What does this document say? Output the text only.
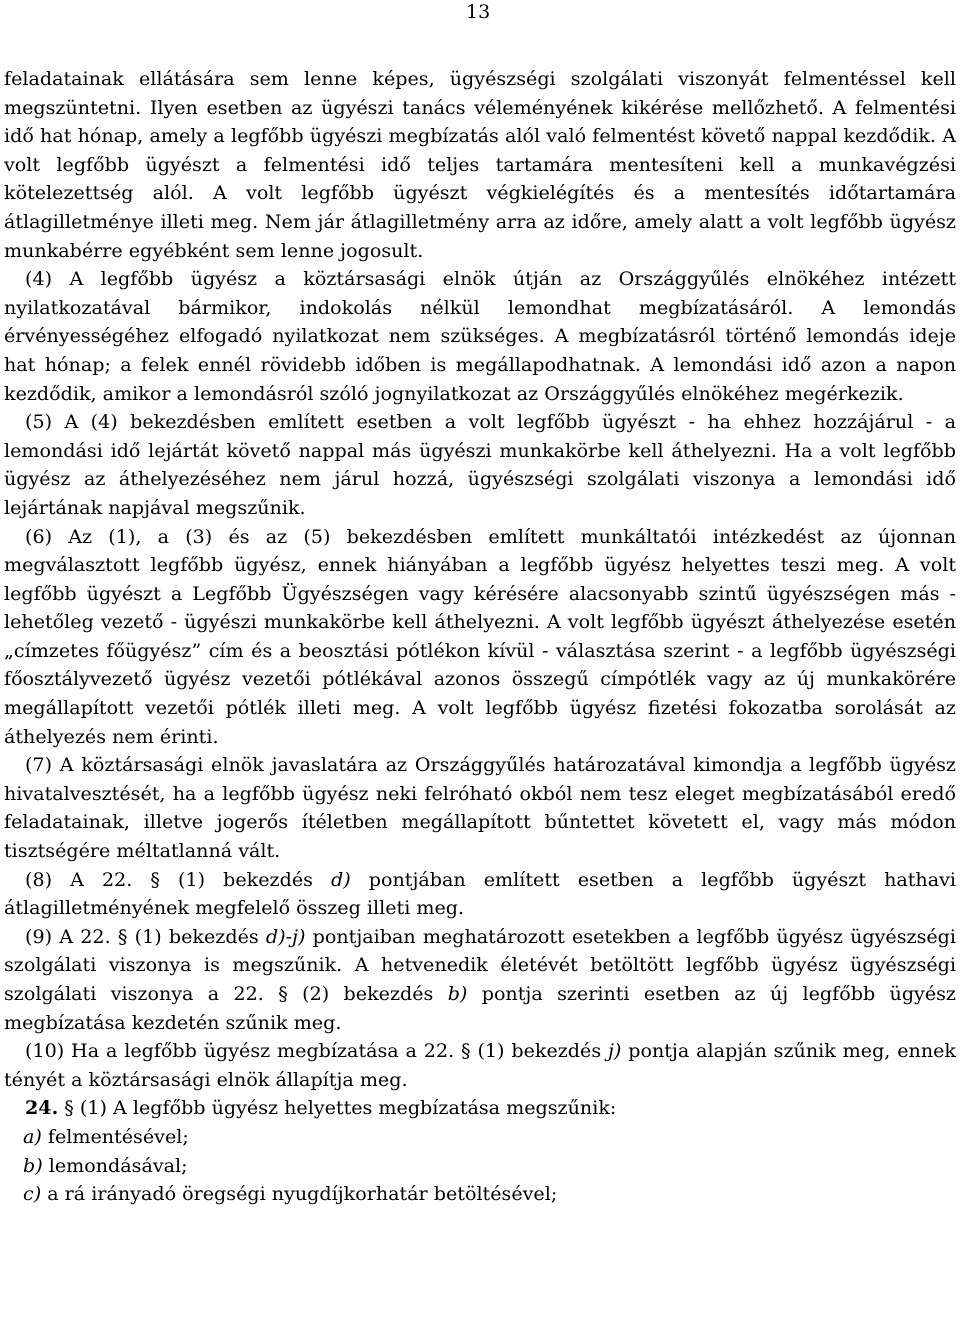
13

feladatainak ellátására sem lenne képes, ügyészségi szolgálati viszonyát felmentéssel kell megszüntetni. Ilyen esetben az ügyészi tanács véleményének kikérése mellőzhető. A felmentési idő hat hónap, amely a legfőbb ügyészi megbízatás alól való felmentést követő nappal kezdődik. A volt legfőbb ügyészt a felmentési idő teljes tartamára mentesíteni kell a munkavégzési kötelezettség alól. A volt legfőbb ügyészt végkielégítés és a mentesítés időtartamára átlagilletménye illeti meg. Nem jár átlagilletmény arra az időre, amely alatt a volt legfőbb ügyész munkabérre egyébként sem lenne jogosult.

(4) A legfőbb ügyész a köztársasági elnök útján az Országgyűlés elnökéhez intézett nyilatkozatával bármikor, indokolás nélkül lemondhat megbízatásáról. A lemondás érvényességéhez elfogadó nyilatkozat nem szükséges. A megbízatásról történő lemondás ideje hat hónap; a felek ennél rövidebb időben is megállapodhatnak. A lemondási idő azon a napon kezdődik, amikor a lemondásról szóló jognyilatkozat az Országgyűlés elnökéhez megérkezik.

(5) A (4) bekezdésben említett esetben a volt legfőbb ügyészt - ha ehhez hozzájárul - a lemondási idő lejártát követő nappal más ügyészi munkakörbe kell áthelyezni. Ha a volt legfőbb ügyész az áthelyezéséhez nem járul hozzá, ügyészségi szolgálati viszonya a lemondási idő lejártának napjával megszűnik.

(6) Az (1), a (3) és az (5) bekezdésben említett munkáltatói intézkedést az újonnan megválasztott legfőbb ügyész, ennek hiányában a legfőbb ügyész helyettes teszi meg. A volt legfőbb ügyészt a Legfőbb Ügyészségen vagy kérésére alacsonyabb szintű ügyészségen más - lehetőleg vezető - ügyészi munkakörbe kell áthelyezni. A volt legfőbb ügyészt áthelyezése esetén „címzetes főügyész” cím és a beosztási pótlékon kívül - választása szerint - a legfőbb ügyészségi főosztályvezető ügyész vezetői pótlékával azonos összegű címpótlék vagy az új munkakörére megállapított vezetői pótlék illeti meg. A volt legfőbb ügyész fizetési fokozatba sorolását az áthelyezés nem érinti.

(7) A köztársasági elnök javaslatára az Országgyűlés határozatával kimondja a legfőbb ügyész hivatalvesztését, ha a legfőbb ügyész neki felróható okból nem tesz eleget megbízatásából eredő feladatainak, illetve jogerős ítéletben megállapított bűntettet követett el, vagy más módon tisztségére méltatlanná vált.

(8) A 22. § (1) bekezdés d) pontjában említett esetben a legfőbb ügyészt hathavi átlagilletményének megfelelő összeg illeti meg.

(9) A 22. § (1) bekezdés d)-j) pontjaiban meghatározott esetekben a legfőbb ügyész ügyészségi szolgálati viszonya is megszűnik. A hetvenedik életévét betöltött legfőbb ügyész ügyészségi szolgálati viszonya a 22. § (2) bekezdés b) pontja szerinti esetben az új legfőbb ügyész megbízatása kezdetén szűnik meg.

(10) Ha a legfőbb ügyész megbízatása a 22. § (1) bekezdés j) pontja alapján szűnik meg, ennek tényét a köztársasági elnök állapítja meg.

24. § (1) A legfőbb ügyész helyettes megbízatása megszűnik:

a) felmentésével;

b) lemondásával;

c) a rá irányadó öregségi nyugdíjkorhatár betöltésével;
